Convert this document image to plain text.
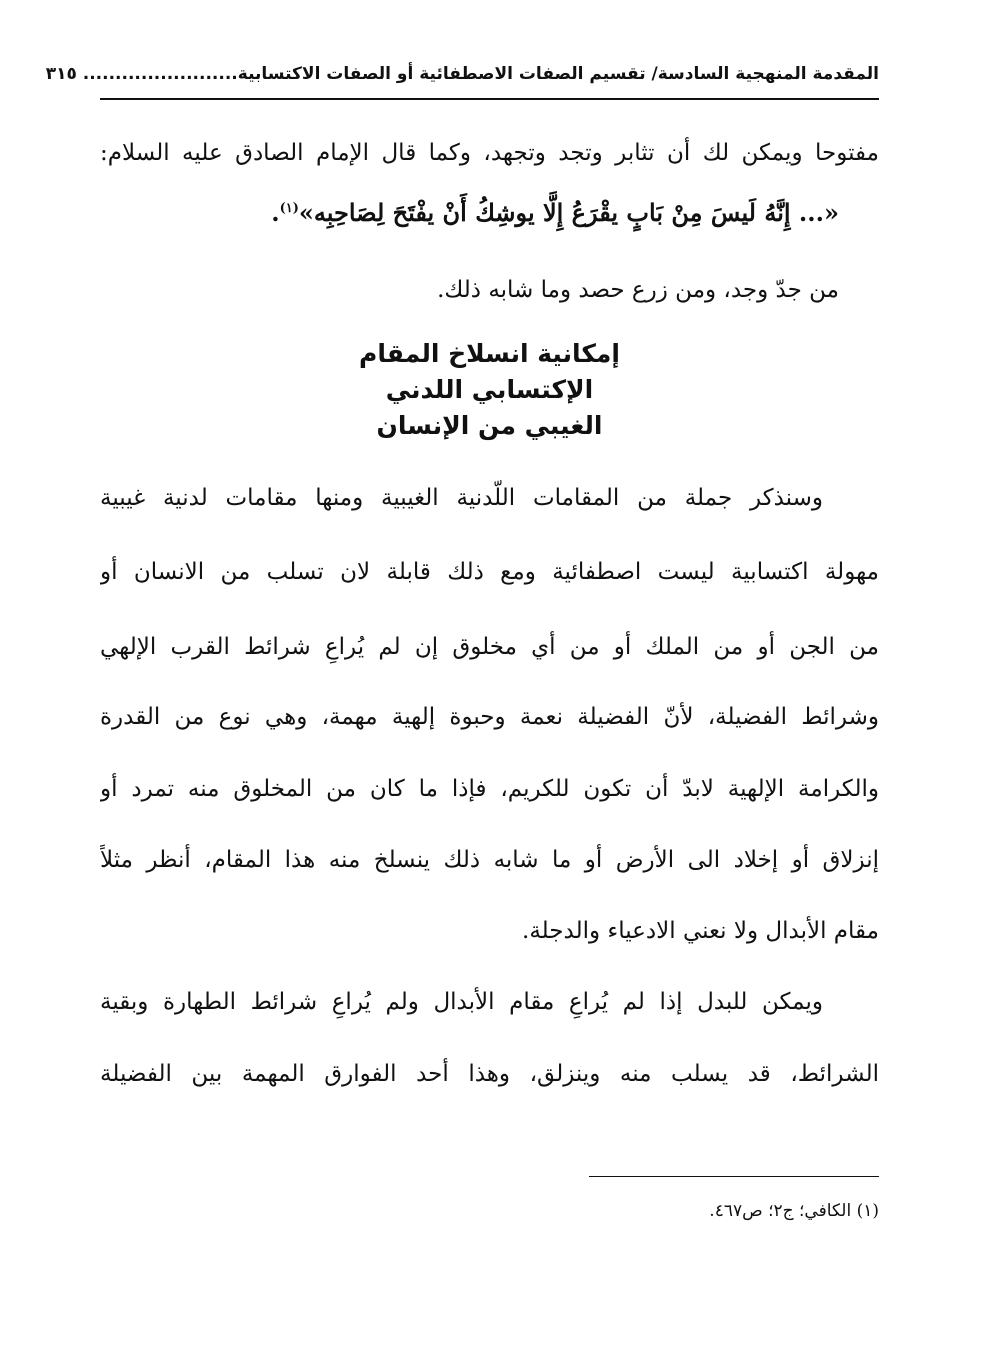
المقدمة المنهجية السادسة/ تقسيم الصفات الاصطفائية أو الصفات الاكتسابية
........................ ٣١٥
مفتوحا ويمكن لك أن تثابر وتجد وتجهد، وكما قال الإمام الصادق عليه السلام:
«... إِنَّهُ لَيسَ مِنْ بَابٍ يقْرَعُ إِلَّا يوشِكُ أَنْ يفْتَحَ لِصَاحِبِه»$^{(١)}$.
من جدّ وجد، ومن زرع حصد وما شابه ذلك.
إمكانية انسلاخ المقام
الإكتسابي اللدني
الغيبي من الإنسان
وسنذكر جملة من المقامات اللّدنية الغيبية ومنها مقامات لدنية غيبية
مهولة اكتسابية ليست اصطفائية ومع ذلك قابلة لان تسلب من الانسان أو
من الجن أو من الملك أو من أي مخلوق إن لم يُراعِ شرائط القرب الإلهي
وشرائط الفضيلة، لأنّ الفضيلة نعمة وحبوة إلهية مهمة، وهي نوع من القدرة
والكرامة الإلهية لابدّ أن تكون للكريم، فإذا ما كان من المخلوق منه تمرد أو
إنزلاق أو إخلاد الى الأرض أو ما شابه ذلك ينسلخ منه هذا المقام، أنظر مثلاً
مقام الأبدال ولا نعني الادعياء والدجلة.
ويمكن للبدل إذا لم يُراعِ مقام الأبدال ولم يُراعِ شرائط الطهارة وبقية
الشرائط، قد يسلب منه وينزلق، وهذا أحد الفوارق المهمة بين الفضيلة
(١) الكافي؛ ج٢؛ ص٤٦٧.
